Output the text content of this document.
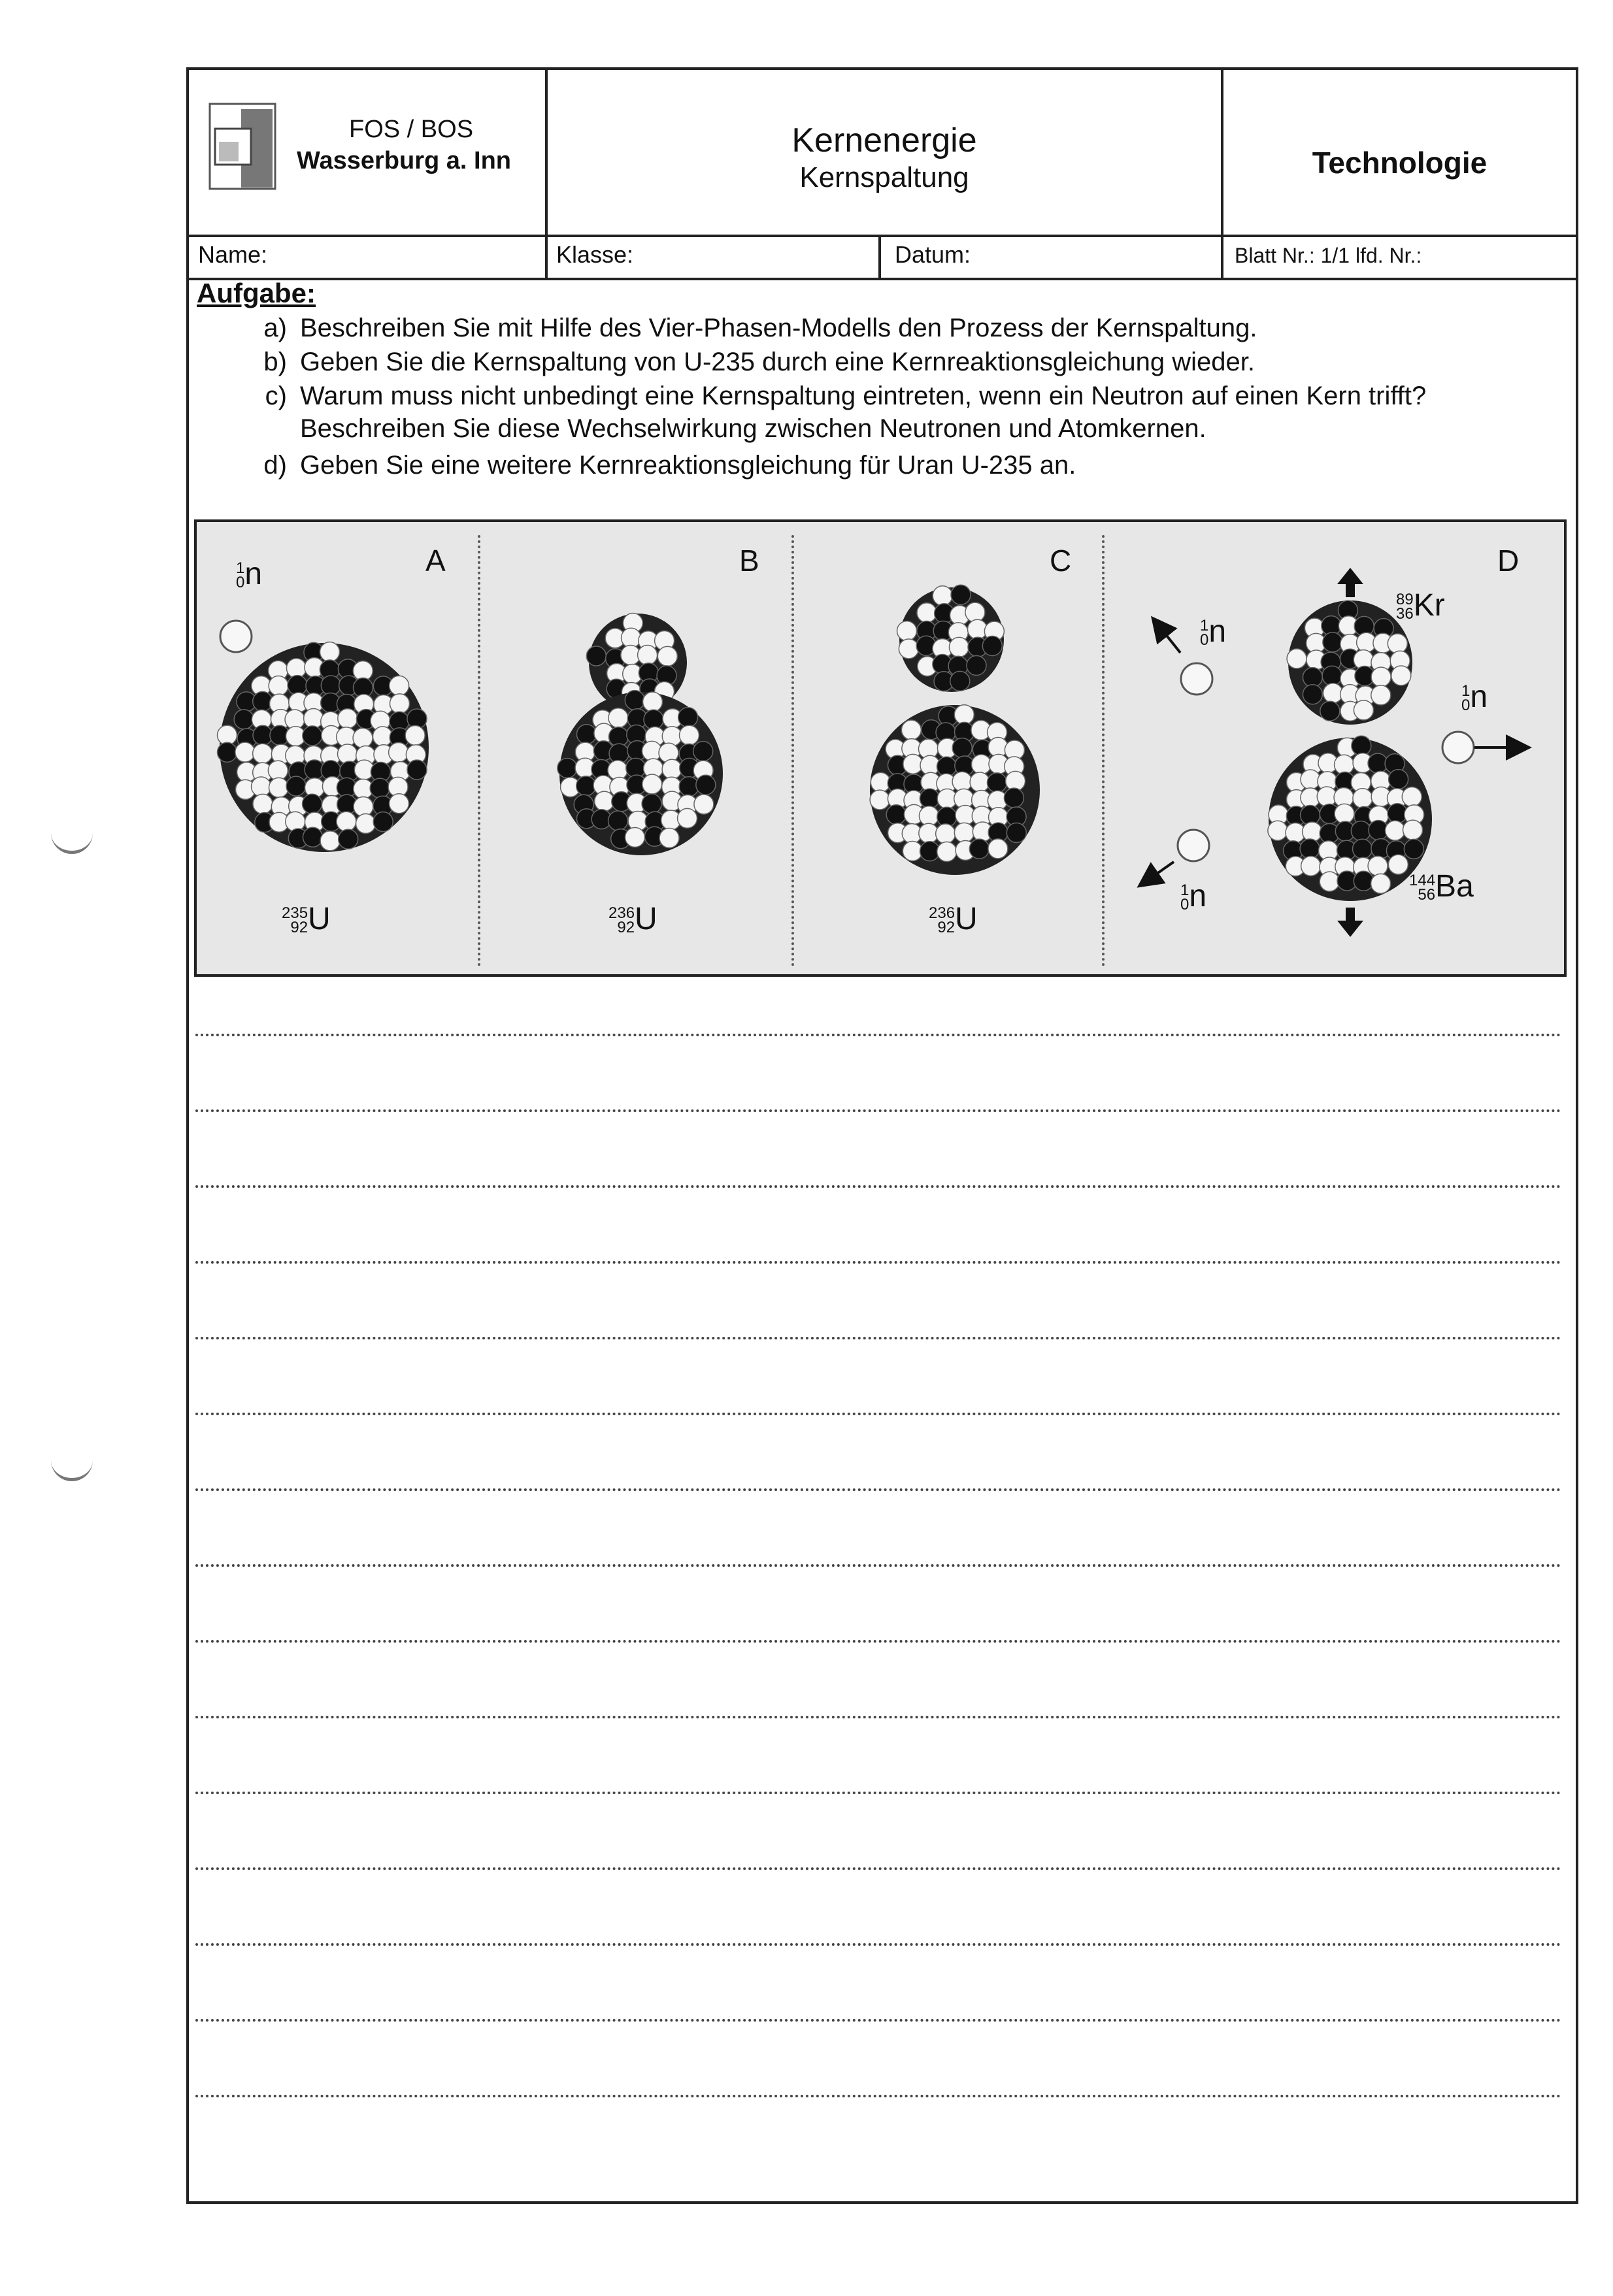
FOS / BOS
Wasserburg a. Inn
Kernenergie
Kernspaltung	Technologie
Name:	Klasse:	Datum:	Blatt Nr.: 1/1 lfd. Nr.:
Aufgabe:
a) Beschreiben Sie mit Hilfe des Vier-Phasen-Modells den Prozess der Kernspaltung.
b) Geben Sie die Kernspaltung von U-235 durch eine Kernreaktionsgleichung wieder.
c) Warum muss nicht unbedingt eine Kernspaltung eintreten, wenn ein Neutron auf einen Kern trifft? Beschreiben Sie diese Wechselwirkung zwischen Neutronen und Atomkernen.
d) Geben Sie eine weitere Kernreaktionsgleichung für Uran U-235 an.
A	B	C	D
1
0 n
235
92 U	236
92 U	236
92 U
1
0 n
89
36 Kr
1
0 n
1
0 n	144
56 Ba
